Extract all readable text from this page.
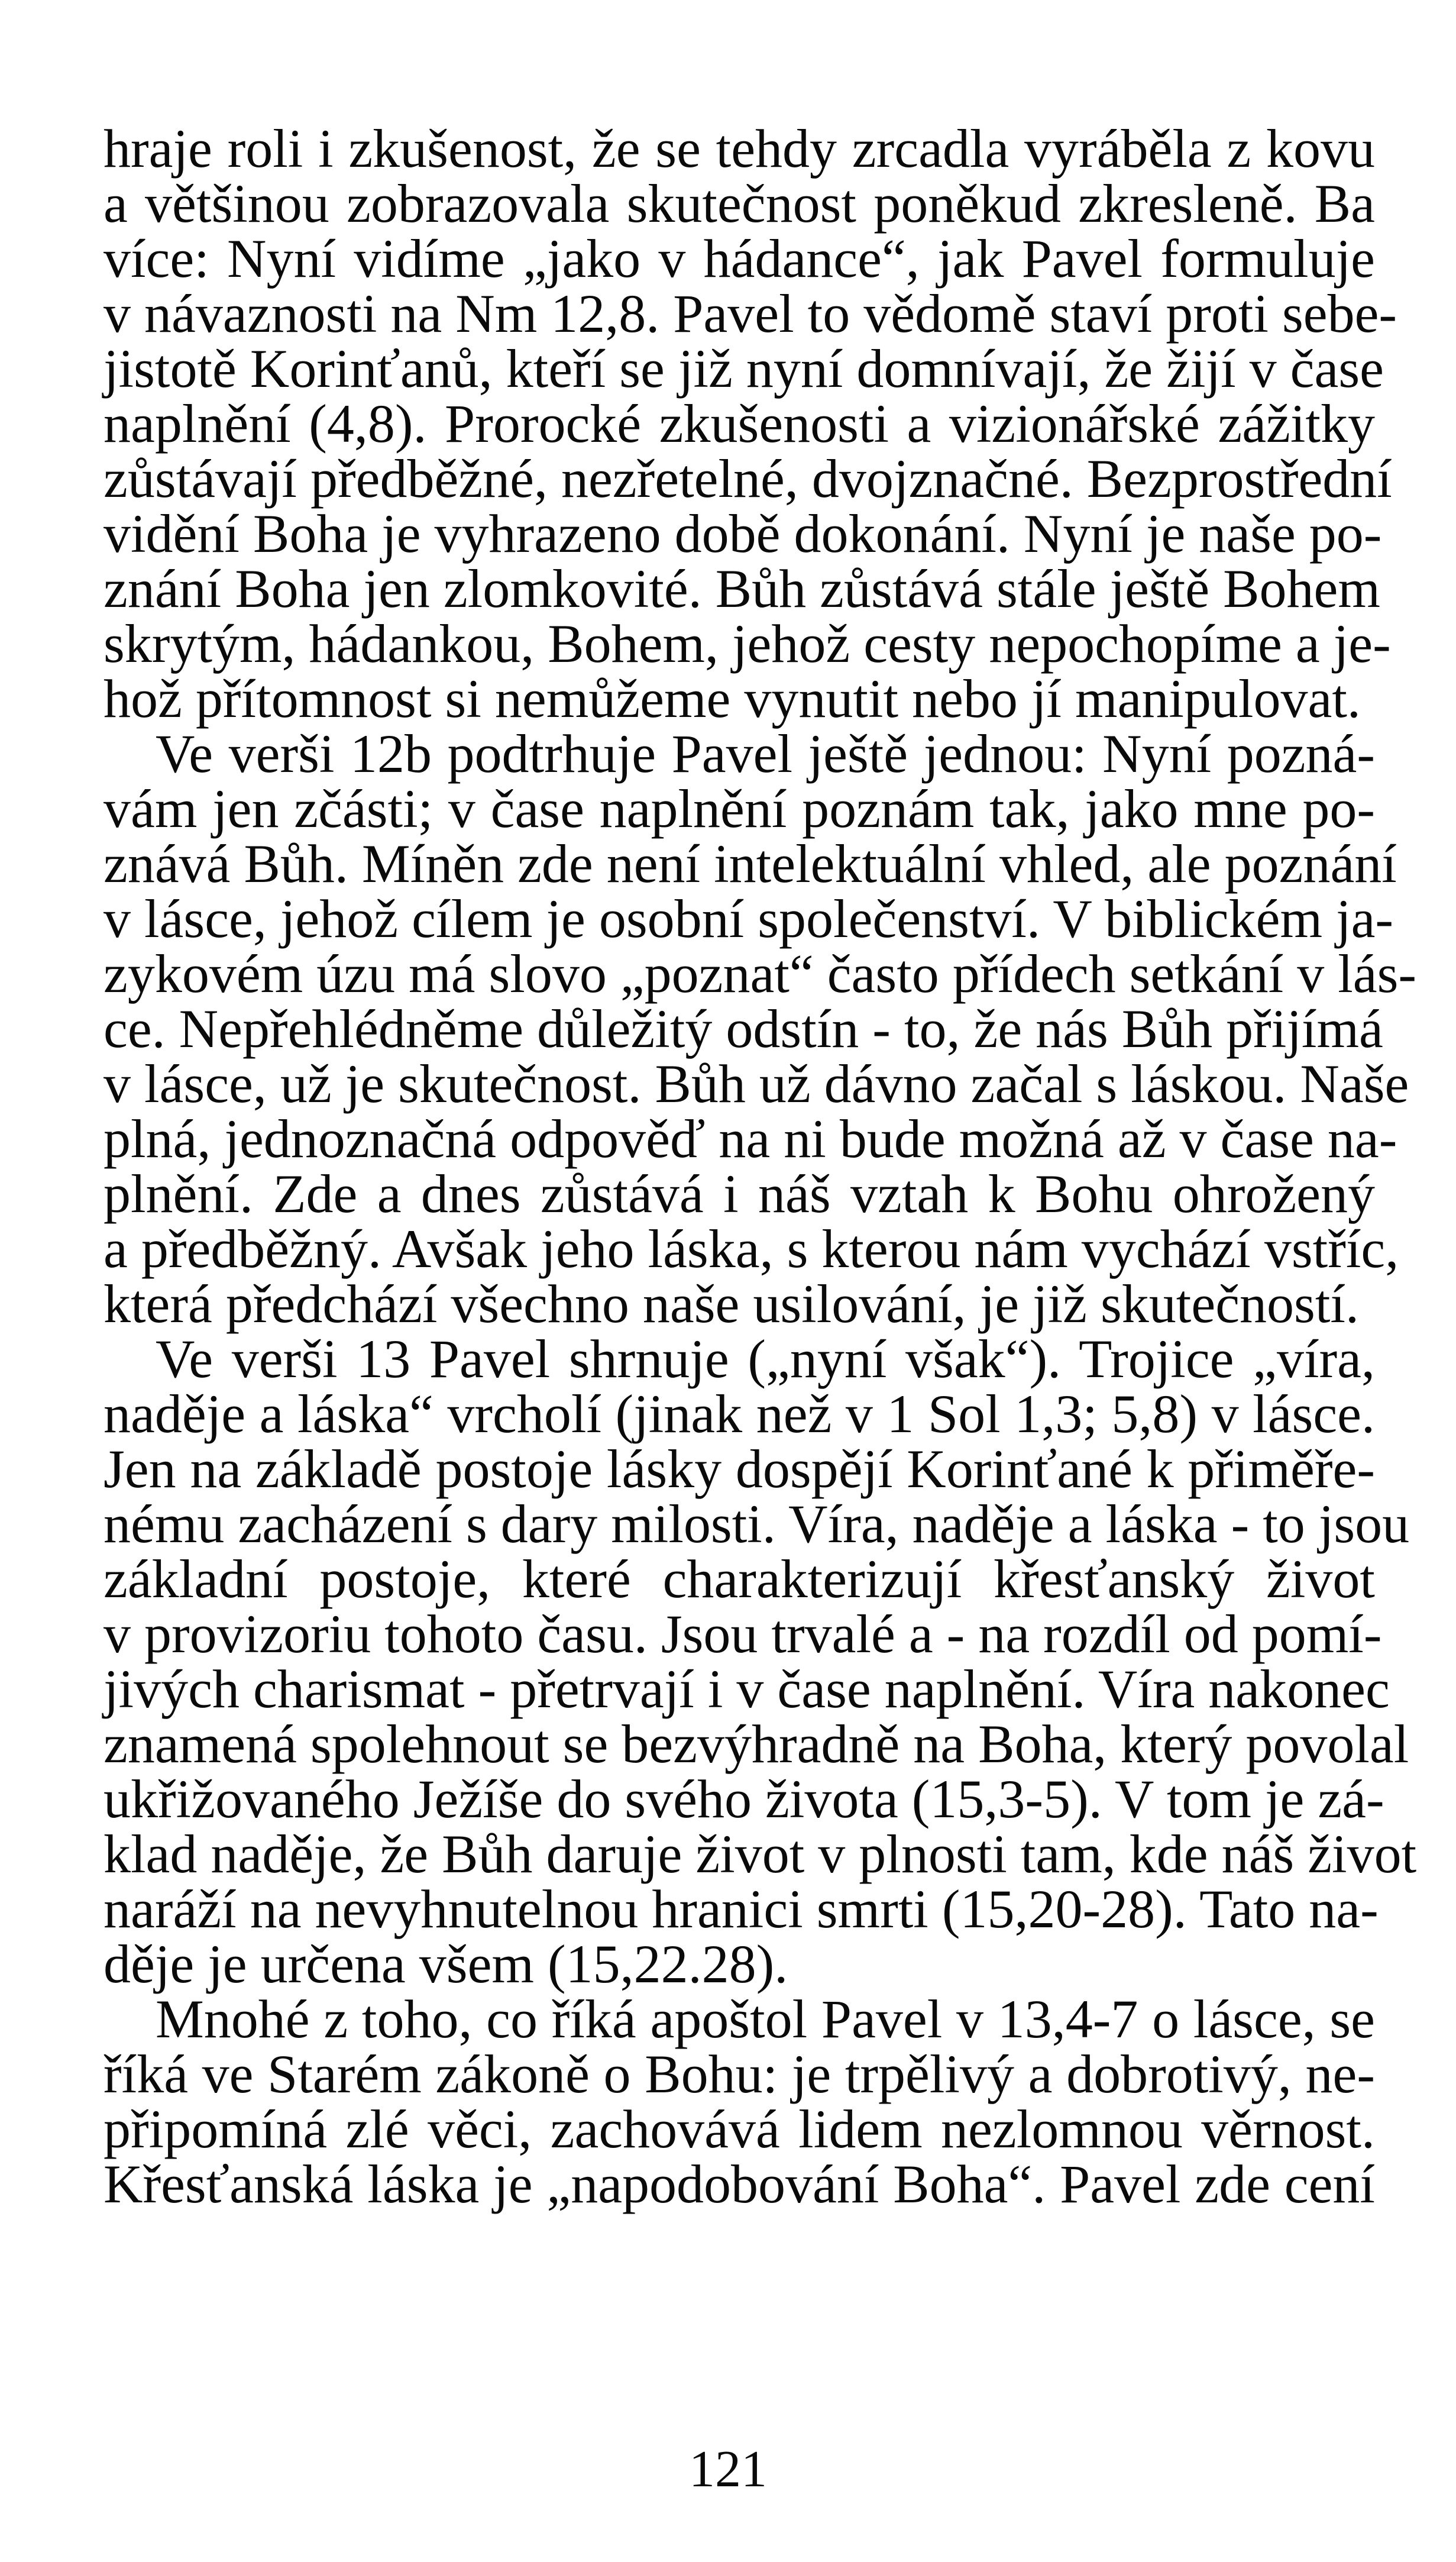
hraje roli i zkušenost, že se tehdy zrcadla vyráběla z kovu
a většinou zobrazovala skutečnost poněkud zkresleně. Ba
více: Nyní vidíme „jako v hádance“, jak Pavel formuluje
v návaznosti na Nm 12,8. Pavel to vědomě staví proti sebe-
jistotě Korinťanů, kteří se již nyní domnívají, že žijí v čase
naplnění (4,8). Prorocké zkušenosti a vizionářské zážitky
zůstávají předběžné, nezřetelné, dvojznačné. Bezprostřední
vidění Boha je vyhrazeno době dokonání. Nyní je naše po-
znání Boha jen zlomkovité. Bůh zůstává stále ještě Bohem
skrytým, hádankou, Bohem, jehož cesty nepochopíme a je-
hož přítomnost si nemůžeme vynutit nebo jí manipulovat.
Ve verši 12b podtrhuje Pavel ještě jednou: Nyní pozná-
vám jen zčásti; v čase naplnění poznám tak, jako mne po-
znává Bůh. Míněn zde není intelektuální vhled, ale poznání
v lásce, jehož cílem je osobní společenství. V biblickém ja-
zykovém úzu má slovo „poznat“ často přídech setkání v lás-
ce. Nepřehlédněme důležitý odstín - to, že nás Bůh přijímá
v lásce, už je skutečnost. Bůh už dávno začal s láskou. Naše
plná, jednoznačná odpověď na ni bude možná až v čase na-
plnění. Zde a dnes zůstává i náš vztah k Bohu ohrožený
a předběžný. Avšak jeho láska, s kterou nám vychází vstříc,
která předchází všechno naše usilování, je již skutečností.
Ve verši 13 Pavel shrnuje („nyní však“). Trojice „víra,
naděje a láska“ vrcholí (jinak než v 1 Sol 1,3; 5,8) v lásce.
Jen na základě postoje lásky dospějí Korinťané k přiměře-
nému zacházení s dary milosti. Víra, naděje a láska - to jsou
základní postoje, které charakterizují křesťanský život
v provizoriu tohoto času. Jsou trvalé a - na rozdíl od pomí-
jivých charismat - přetrvají i v čase naplnění. Víra nakonec
znamená spolehnout se bezvýhradně na Boha, který povolal
ukřižovaného Ježíše do svého života (15,3-5). V tom je zá-
klad naděje, že Bůh daruje život v plnosti tam, kde náš život
naráží na nevyhnutelnou hranici smrti (15,20-28). Tato na-
děje je určena všem (15,22.28).
Mnohé z toho, co říká apoštol Pavel v 13,4-7 o lásce, se
říká ve Starém zákoně o Bohu: je trpělivý a dobrotivý, ne-
připomíná zlé věci, zachovává lidem nezlomnou věrnost.
Křesťanská láska je „napodobování Boha“. Pavel zde cení
121
